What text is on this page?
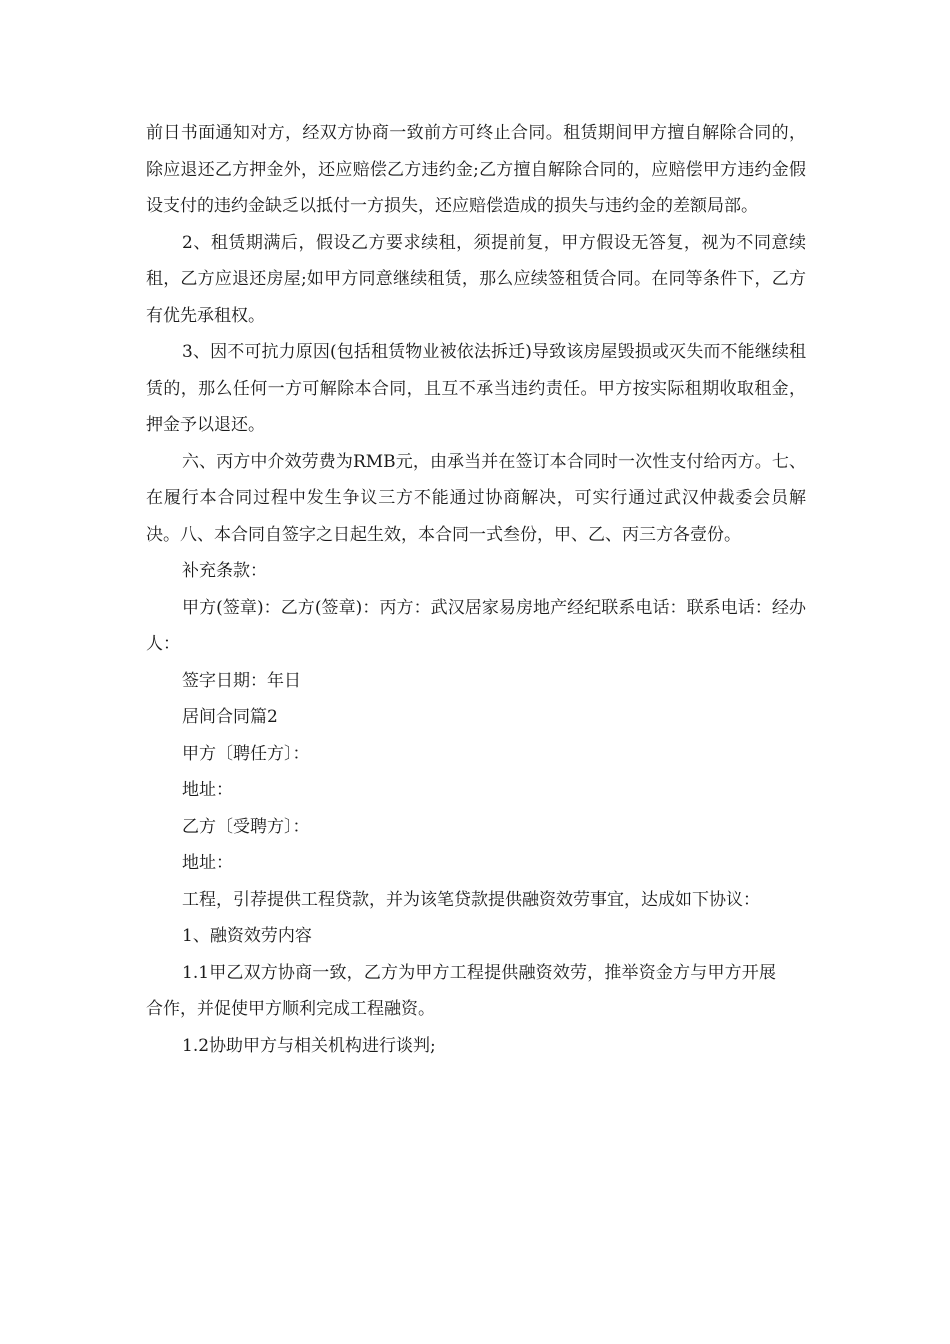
前日书面通知对方，经双方协商一致前方可终止合同。租赁期间甲方擅自解除合同的，除应退还乙方押金外，还应赔偿乙方违约金;乙方擅自解除合同的，应赔偿甲方违约金假设支付的违约金缺乏以抵付一方损失，还应赔偿造成的损失与违约金的差额局部。

2、租赁期满后，假设乙方要求续租，须提前复，甲方假设无答复，视为不同意续租，乙方应退还房屋;如甲方同意继续租赁，那么应续签租赁合同。在同等条件下，乙方有优先承租权。

3、因不可抗力原因(包括租赁物业被依法拆迁)导致该房屋毁损或灭失而不能继续租赁的，那么任何一方可解除本合同，且互不承当违约责任。甲方按实际租期收取租金，押金予以退还。

六、丙方中介效劳费为RMB元，由承当并在签订本合同时一次性支付给丙方。七、在履行本合同过程中发生争议三方不能通过协商解决，可实行通过武汉仲裁委会员解决。八、本合同自签字之日起生效，本合同一式叁份，甲、乙、丙三方各壹份。

补充条款：

甲方(签章)：乙方(签章)：丙方：武汉居家易房地产经纪联系电话：联系电话：经办人：

签字日期：年日

居间合同篇2

甲方〔聘任方〕：

地址：

乙方〔受聘方〕：

地址：

工程，引荐提供工程贷款，并为该笔贷款提供融资效劳事宜，达成如下协议：

1、融资效劳内容

1.1甲乙双方协商一致，乙方为甲方工程提供融资效劳，推举资金方与甲方开展合作，并促使甲方顺利完成工程融资。

1.2协助甲方与相关机构进行谈判;
